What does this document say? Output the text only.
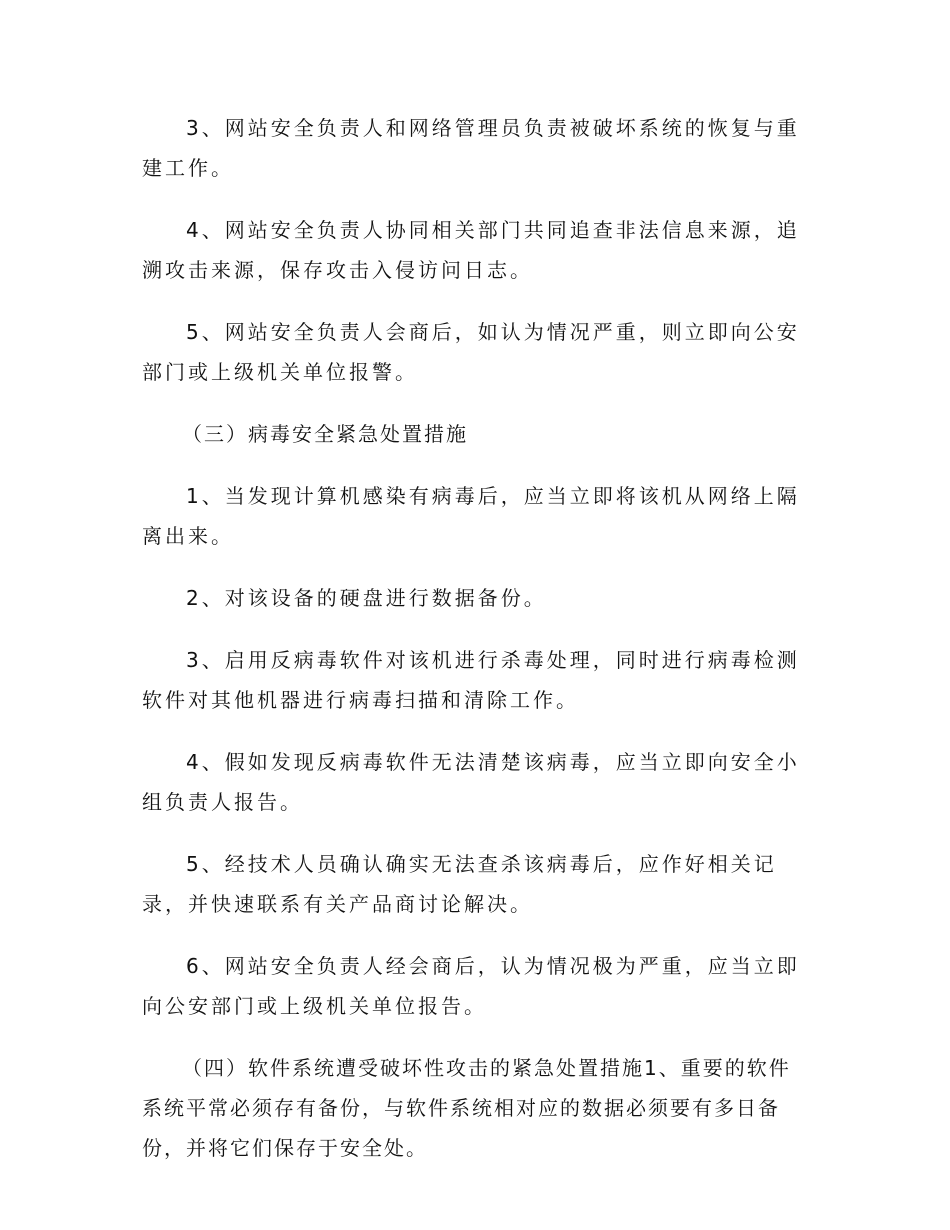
3、网站安全负责人和网络管理员负责被破坏系统的恢复与重建工作。

4、网站安全负责人协同相关部门共同追查非法信息来源，追溯攻击来源，保存攻击入侵访问日志。

5、网站安全负责人会商后，如认为情况严重，则立即向公安部门或上级机关单位报警。

（三）病毒安全紧急处置措施

1、当发现计算机感染有病毒后，应当立即将该机从网络上隔离出来。

2、对该设备的硬盘进行数据备份。

3、启用反病毒软件对该机进行杀毒处理，同时进行病毒检测软件对其他机器进行病毒扫描和清除工作。

4、假如发现反病毒软件无法清楚该病毒，应当立即向安全小组负责人报告。

5、经技术人员确认确实无法查杀该病毒后，应作好相关记录，并快速联系有关产品商讨论解决。

6、网站安全负责人经会商后，认为情况极为严重，应当立即向公安部门或上级机关单位报告。

（四）软件系统遭受破坏性攻击的紧急处置措施1、重要的软件系统平常必须存有备份，与软件系统相对应的数据必须要有多日备份，并将它们保存于安全处。
